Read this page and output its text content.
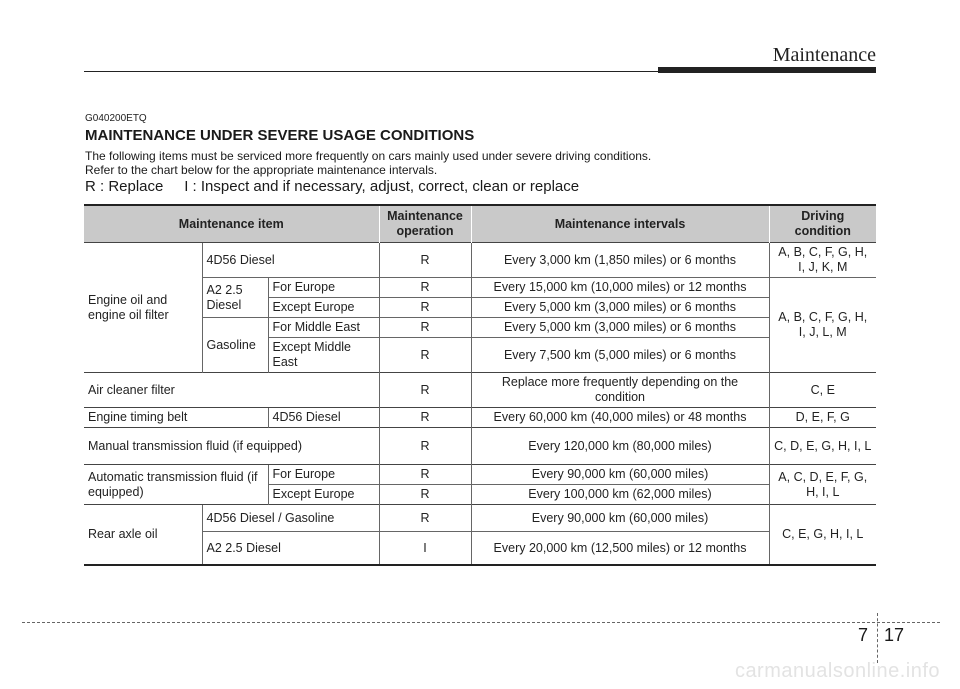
Maintenance
G040200ETQ
MAINTENANCE UNDER SEVERE USAGE CONDITIONS
The following items must be serviced more frequently on cars mainly used under severe driving conditions.
Refer to the chart below for the appropriate maintenance intervals.
R : Replace     I : Inspect and if necessary, adjust, correct, clean or replace
Maintenance item			Maintenance operation	Maintenance intervals	Driving condition
Engine oil and engine oil filter	4D56 Diesel		R	Every 3,000 km (1,850 miles) or 6 months	A, B, C, F, G, H, I, J, K, M
	A2 2.5 Diesel	For Europe	R	Every 15,000 km (10,000 miles) or 12 months	A, B, C, F, G, H, I, J, L, M
		Except Europe	R	Every 5,000 km (3,000 miles) or 6 months	
	Gasoline	For Middle East	R	Every 5,000 km (3,000 miles) or 6 months	
		Except Middle East	R	Every 7,500 km (5,000 miles) or 6 months	
Air cleaner filter			R	Replace more frequently depending on the condition	C, E
Engine timing belt		4D56 Diesel	R	Every 60,000 km (40,000 miles) or 48 months	D, E, F, G
Manual transmission fluid (if equipped)			R	Every 120,000 km (80,000 miles)	C, D, E, G, H, I, L
Automatic transmission fluid (if equipped)		For Europe	R	Every 90,000 km (60,000 miles)	A, C, D, E, F, G, H, I, L
		Except Europe	R	Every 100,000 km (62,000 miles)	
Rear axle oil	4D56 Diesel / Gasoline		R	Every 90,000 km (60,000 miles)	C, E, G, H, I, L
	A2 2.5 Diesel		I	Every 20,000 km (12,500 miles) or 12 months	
7 17
carmanualsonline.info
